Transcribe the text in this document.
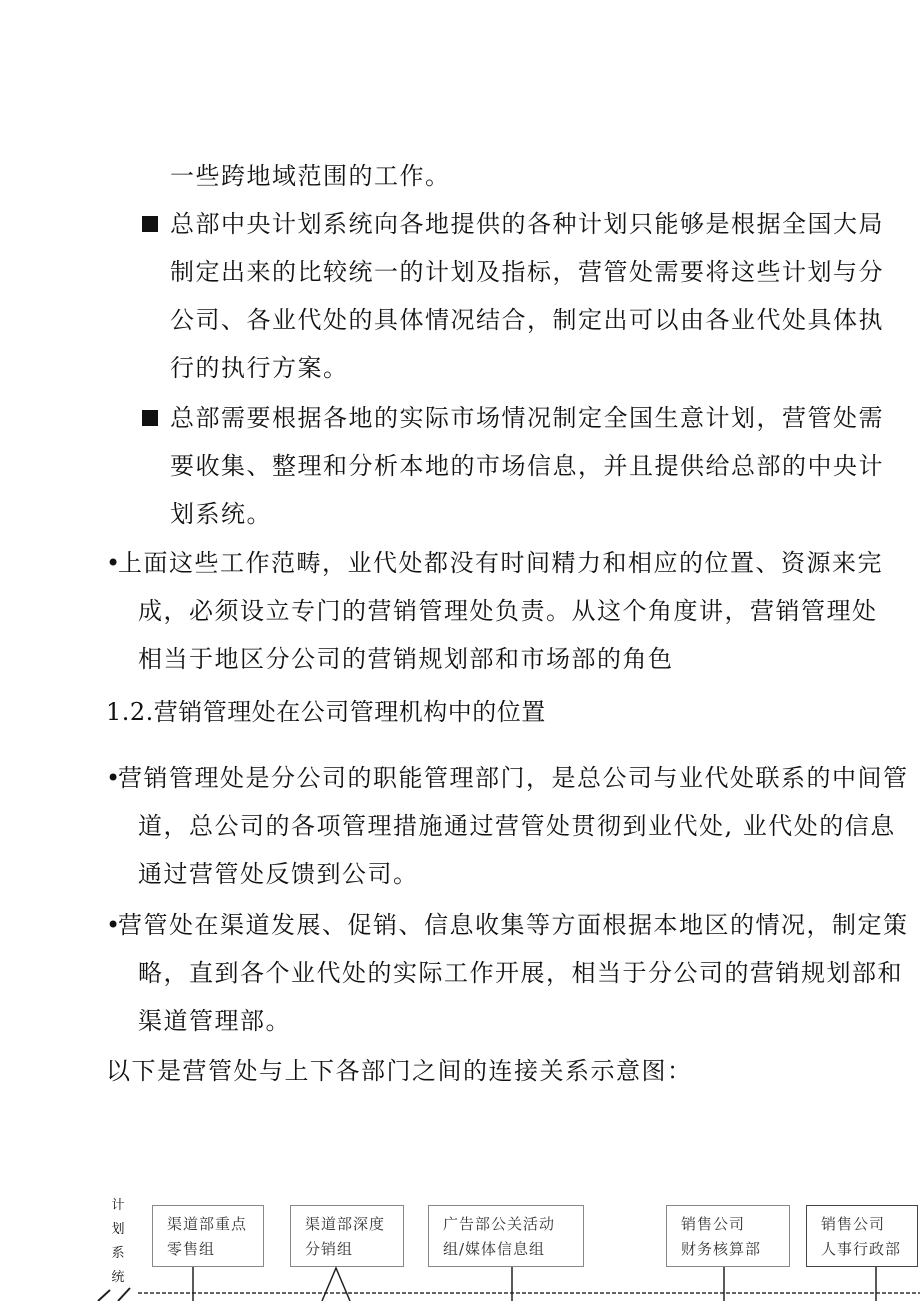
一些跨地域范围的工作。

总部中央计划系统向各地提供的各种计划只能够是根据全国大局

制定出来的比较统一的计划及指标，营管处需要将这些计划与分

公司、各业代处的具体情况结合，制定出可以由各业代处具体执

行的执行方案。

总部需要根据各地的实际市场情况制定全国生意计划，营管处需

要收集、整理和分析本地的市场信息，并且提供给总部的中央计

划系统。

•

上面这些工作范畴，业代处都没有时间精力和相应的位置、资源来完

成，必须设立专门的营销管理处负责。从这个角度讲，营销管理处

相当于地区分公司的营销规划部和市场部的角色

1.2.营销管理处在公司管理机构中的位置

•

营销管理处是分公司的职能管理部门，是总公司与业代处联系的中间管

道，总公司的各项管理措施通过营管处贯彻到业代处, 业代处的信息

通过营管处反馈到公司。

•

营管处在渠道发展、促销、信息收集等方面根据本地区的情况，制定策

略，直到各个业代处的实际工作开展，相当于分公司的营销规划部和

渠道管理部。

以下是营管处与上下各部门之间的连接关系示意图：

计
划
系
统
渠道部重点
零售组
渠道部深度
分销组
广告部公关活动
组/媒体信息组
销售公司
财务核算部
销售公司
人事行政部
